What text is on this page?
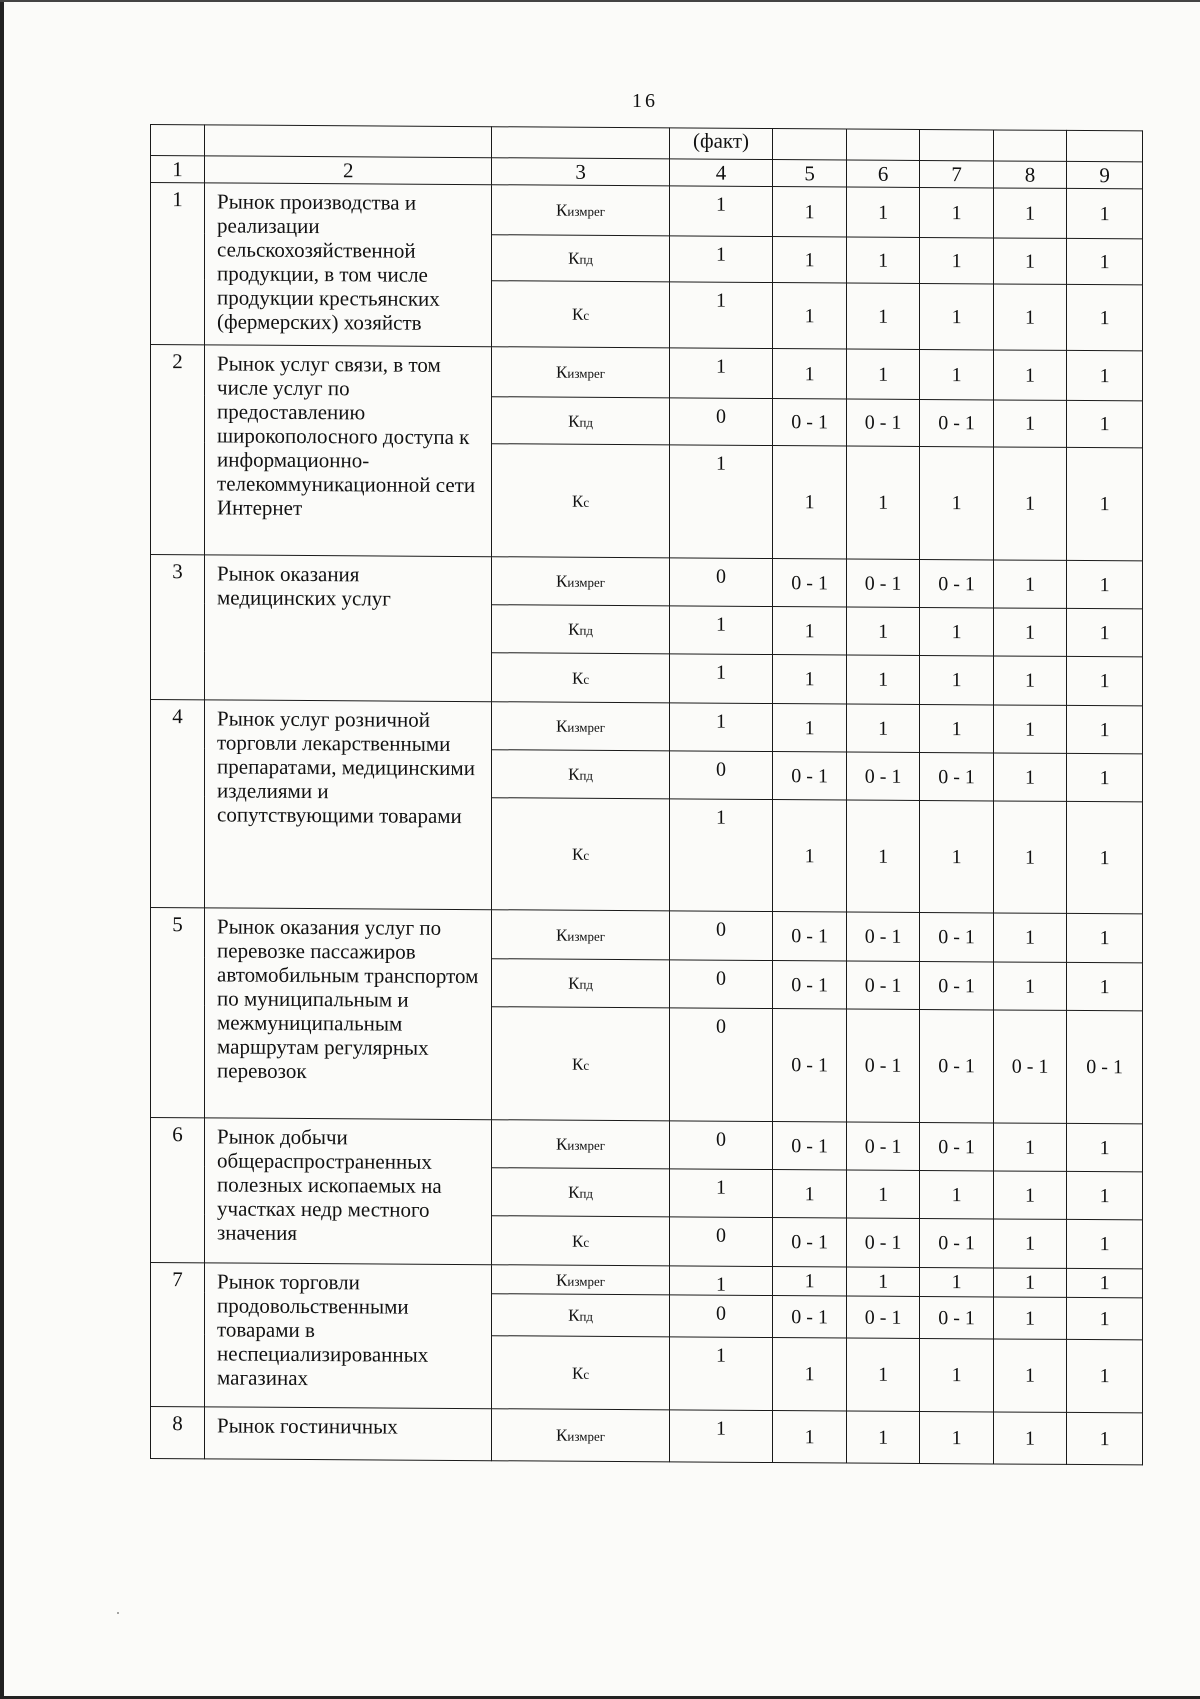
16
			(факт)					
1	2	3	4	5	6	7	8	9
1	Рынок производства и реализации сельскохозяйственной продукции, в том числе продукции крестьянских (фермерских) хозяйств	Кизмрег	1	1	1	1	1	1
		Кпд	1	1	1	1	1	1
		Кс	1	1	1	1	1	1
2	Рынок услуг связи, в том числе услуг по предоставлению широкополосного доступа к информационно-телекоммуникационной сети Интернет	Кизмрег	1	1	1	1	1	1
		Кпд	0	0 - 1	0 - 1	0 - 1	1	1
		Кс	1	1	1	1	1	1
3	Рынок оказания медицинских услуг	Кизмрег	0	0 - 1	0 - 1	0 - 1	1	1
		Кпд	1	1	1	1	1	1
		Кс	1	1	1	1	1	1
4	Рынок услуг розничной торговли лекарственными препаратами, медицинскими изделиями и сопутствующими товарами	Кизмрег	1	1	1	1	1	1
		Кпд	0	0 - 1	0 - 1	0 - 1	1	1
		Кс	1	1	1	1	1	1
5	Рынок оказания услуг по перевозке пассажиров автомобильным транспортом по муниципальным и межмуниципальным маршрутам регулярных перевозок	Кизмрег	0	0 - 1	0 - 1	0 - 1	1	1
		Кпд	0	0 - 1	0 - 1	0 - 1	1	1
		Кс	0	0 - 1	0 - 1	0 - 1	0 - 1	0 - 1
6	Рынок добычи общераспространенных полезных ископаемых на участках недр местного значения	Кизмрег	0	0 - 1	0 - 1	0 - 1	1	1
		Кпд	1	1	1	1	1	1
		Кс	0	0 - 1	0 - 1	0 - 1	1	1
7	Рынок торговли продовольственными товарами в неспециализированных магазинах	Кизмрег	1	1	1	1	1	1
		Кпд	0	0 - 1	0 - 1	0 - 1	1	1
		Кс	1	1	1	1	1	1
8	Рынок гостиничных	Кизмрег	1	1	1	1	1	1
